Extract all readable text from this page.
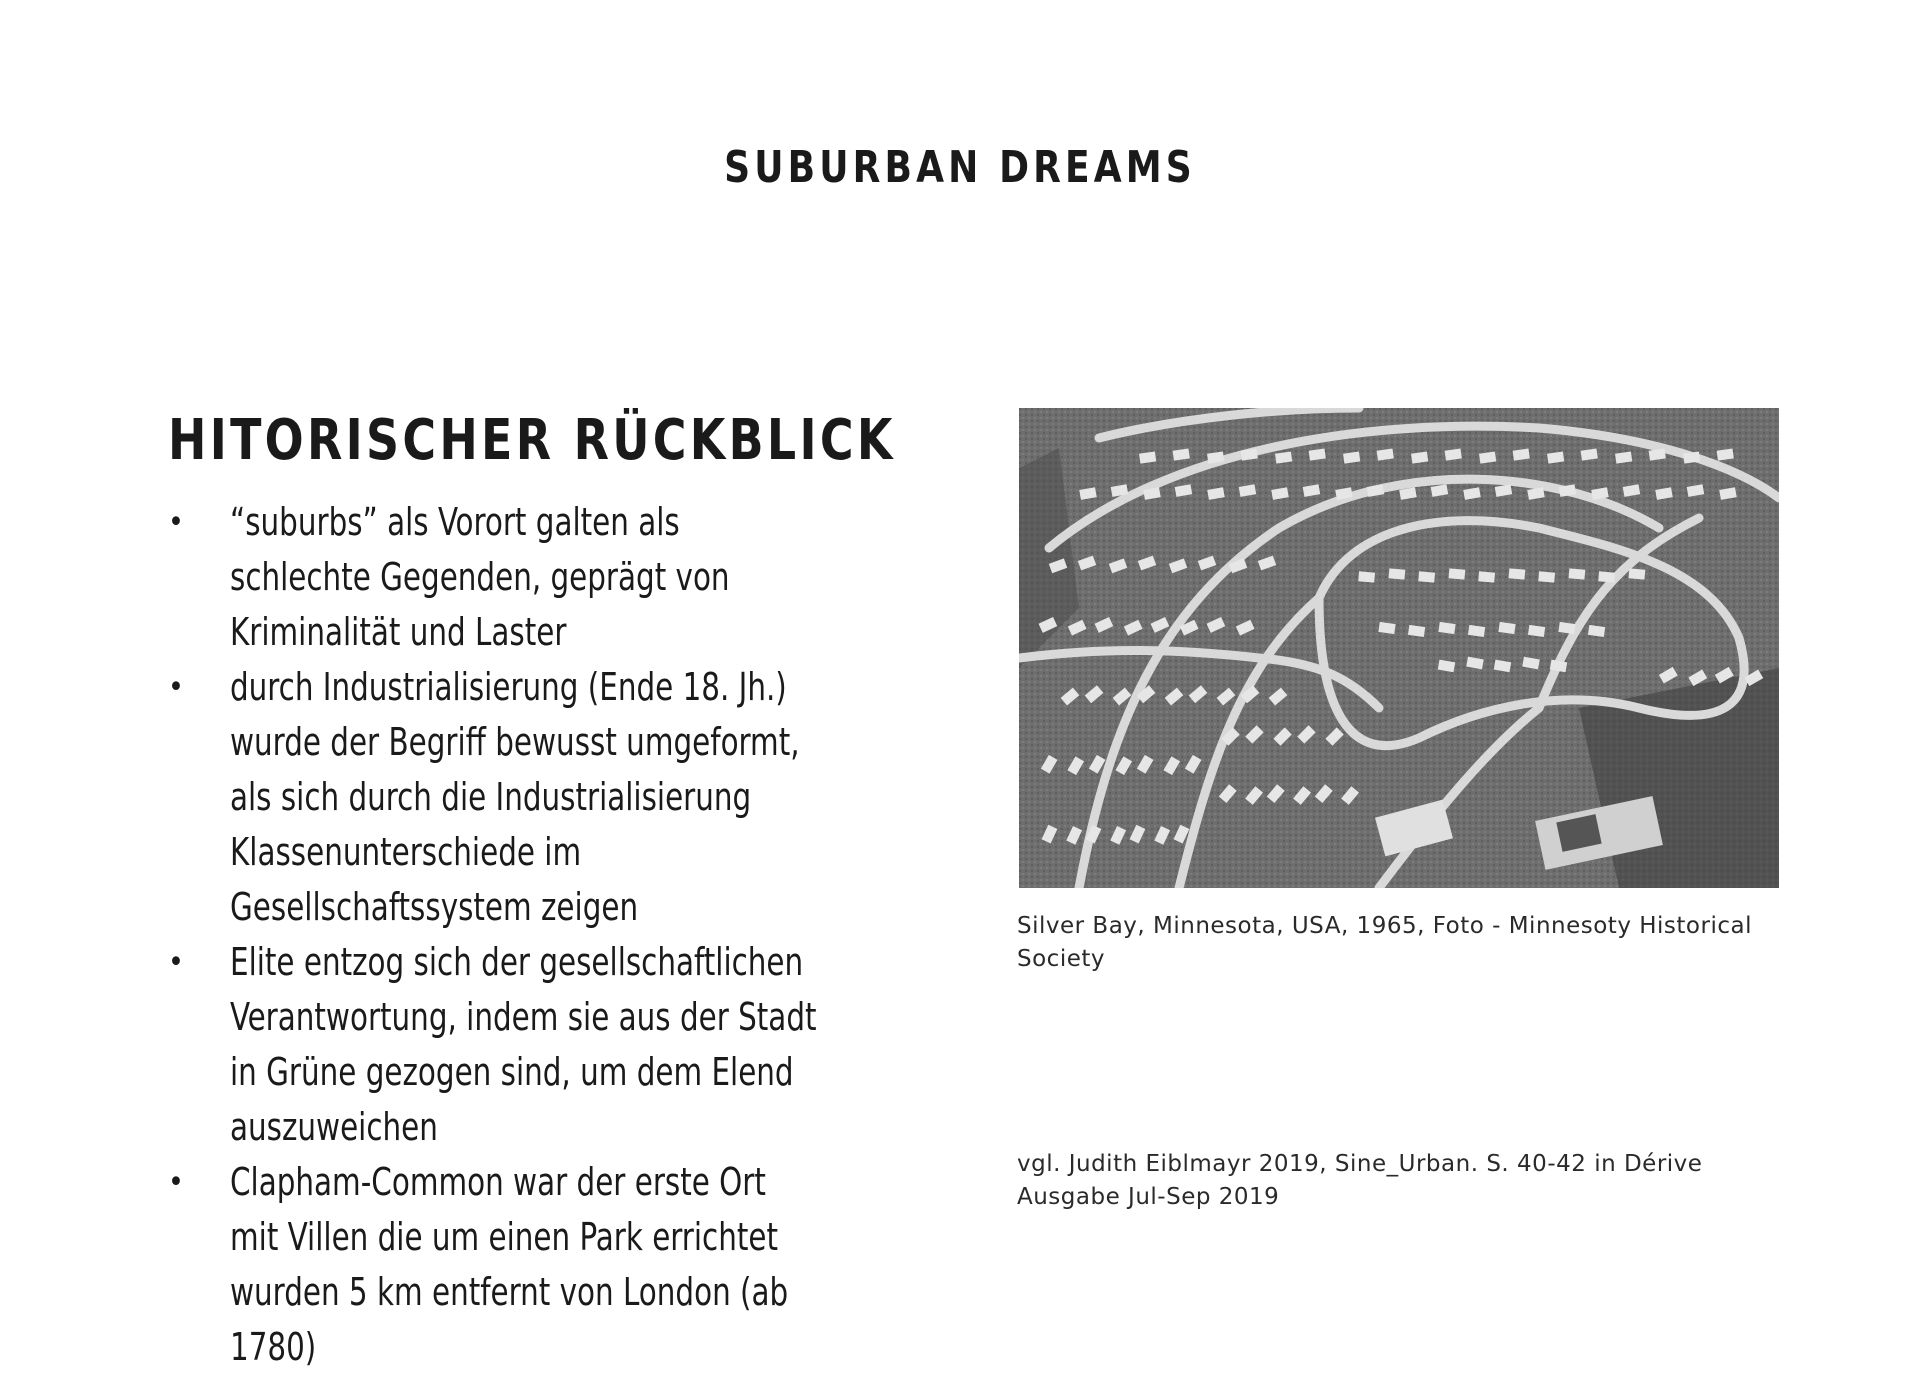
SUBURBAN DREAMS
HITORISCHER RÜCKBLICK
• “suburbs” als Vorort galten als schlechte Gegenden, geprägt von Kriminalität und Laster
• durch Industrialisierung (Ende 18. Jh.) wurde der Begriff bewusst umgeformt, als sich durch die Industrialisierung Klassenunterschiede im Gesellschaftssystem zeigen
• Elite entzog sich der gesellschaftlichen Verantwortung, indem sie aus der Stadt in Grüne gezogen sind, um dem Elend auszuweichen
• Clapham-Common war der erste Ort mit Villen die um einen Park errichtet wurden 5 km entfernt von London (ab 1780)

Silver Bay, Minnesota, USA, 1965, Foto - Minnesoty Historical Society

vgl. Judith Eiblmayr 2019, Sine_Urban. S. 40-42 in Dérive Ausgabe Jul-Sep 2019
